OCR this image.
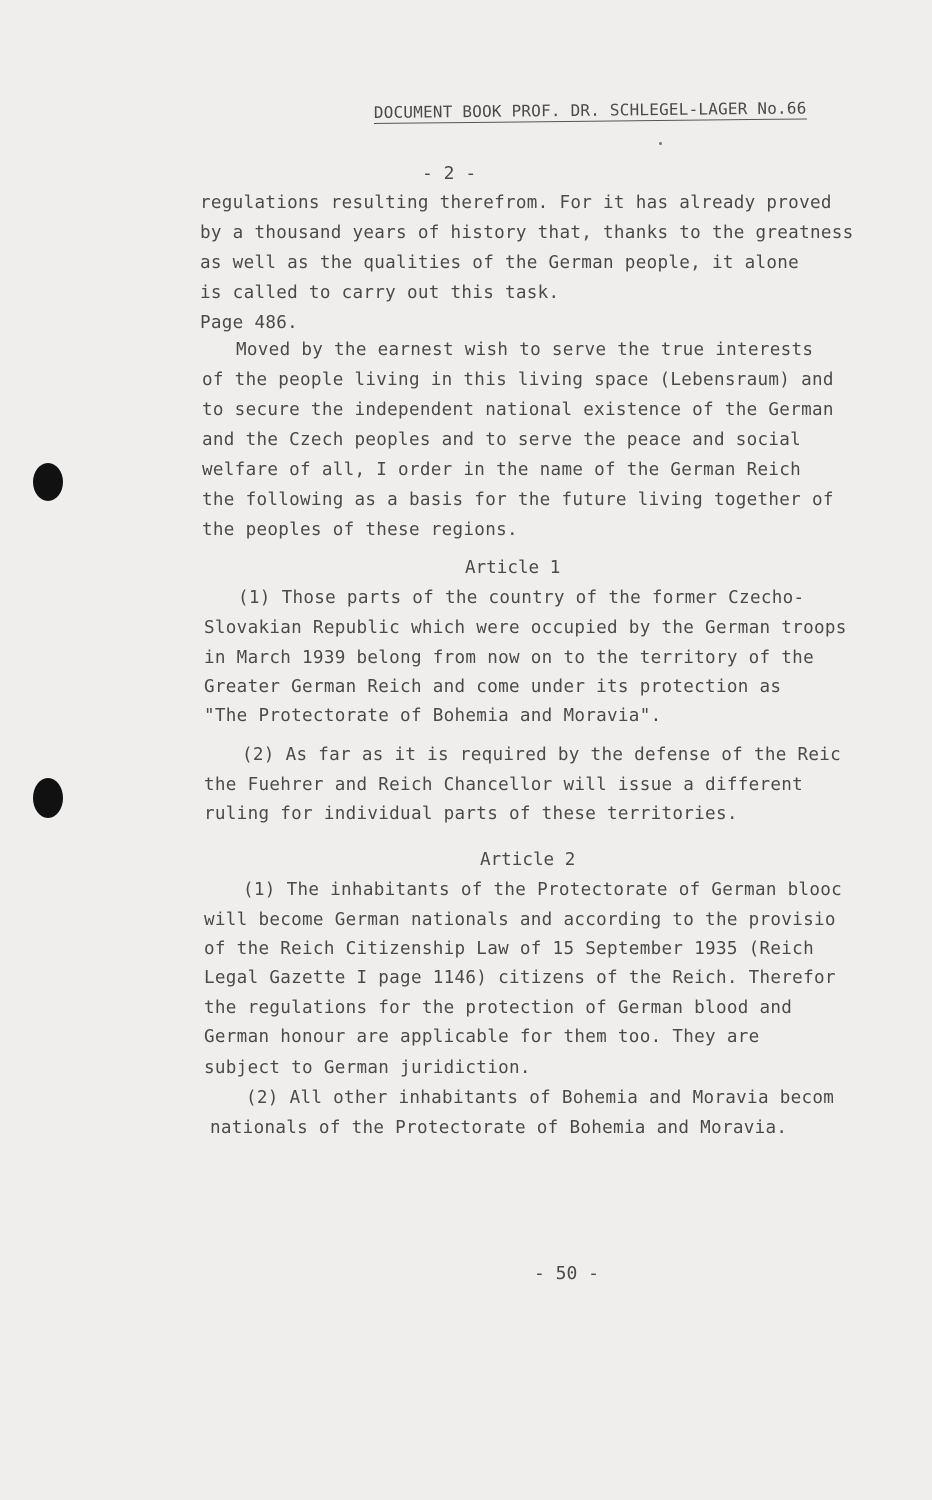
DOCUMENT BOOK PROF. DR. SCHLEGEL-LAGER No.66
- 2 -
regulations resulting therefrom. For it has already proved
by a thousand years of history that, thanks to the greatness
as well as the qualities of the German people, it alone
is called to carry out this task.
Page 486.
Moved by the earnest wish to serve the true interests
of the people living in this living space (Lebensraum) and
to secure the independent national existence of the German
and the Czech peoples and to serve the peace and social
welfare of all, I order in the name of the German Reich
the following as a basis for the future living together of
the peoples of these regions.
Article 1
(1) Those parts of the country of the former Czecho-
Slovakian Republic which were occupied by the German troops
in March 1939 belong from now on to the territory of the
Greater German Reich and come under its protection as
"The Protectorate of Bohemia and Moravia".
(2) As far as it is required by the defense of the Reic
the Fuehrer and Reich Chancellor will issue a different
ruling for individual parts of these territories.
Article 2
(1) The inhabitants of the Protectorate of German blooc
will become German nationals and according to the provisio
of the Reich Citizenship Law of 15 September 1935 (Reich
Legal Gazette I page 1146) citizens of the Reich. Therefor
the regulations for the protection of German blood and
German honour are applicable for them too. They are
subject to German juridiction.
(2) All other inhabitants of Bohemia and Moravia becom
nationals of the Protectorate of Bohemia and Moravia.
- 50 -
